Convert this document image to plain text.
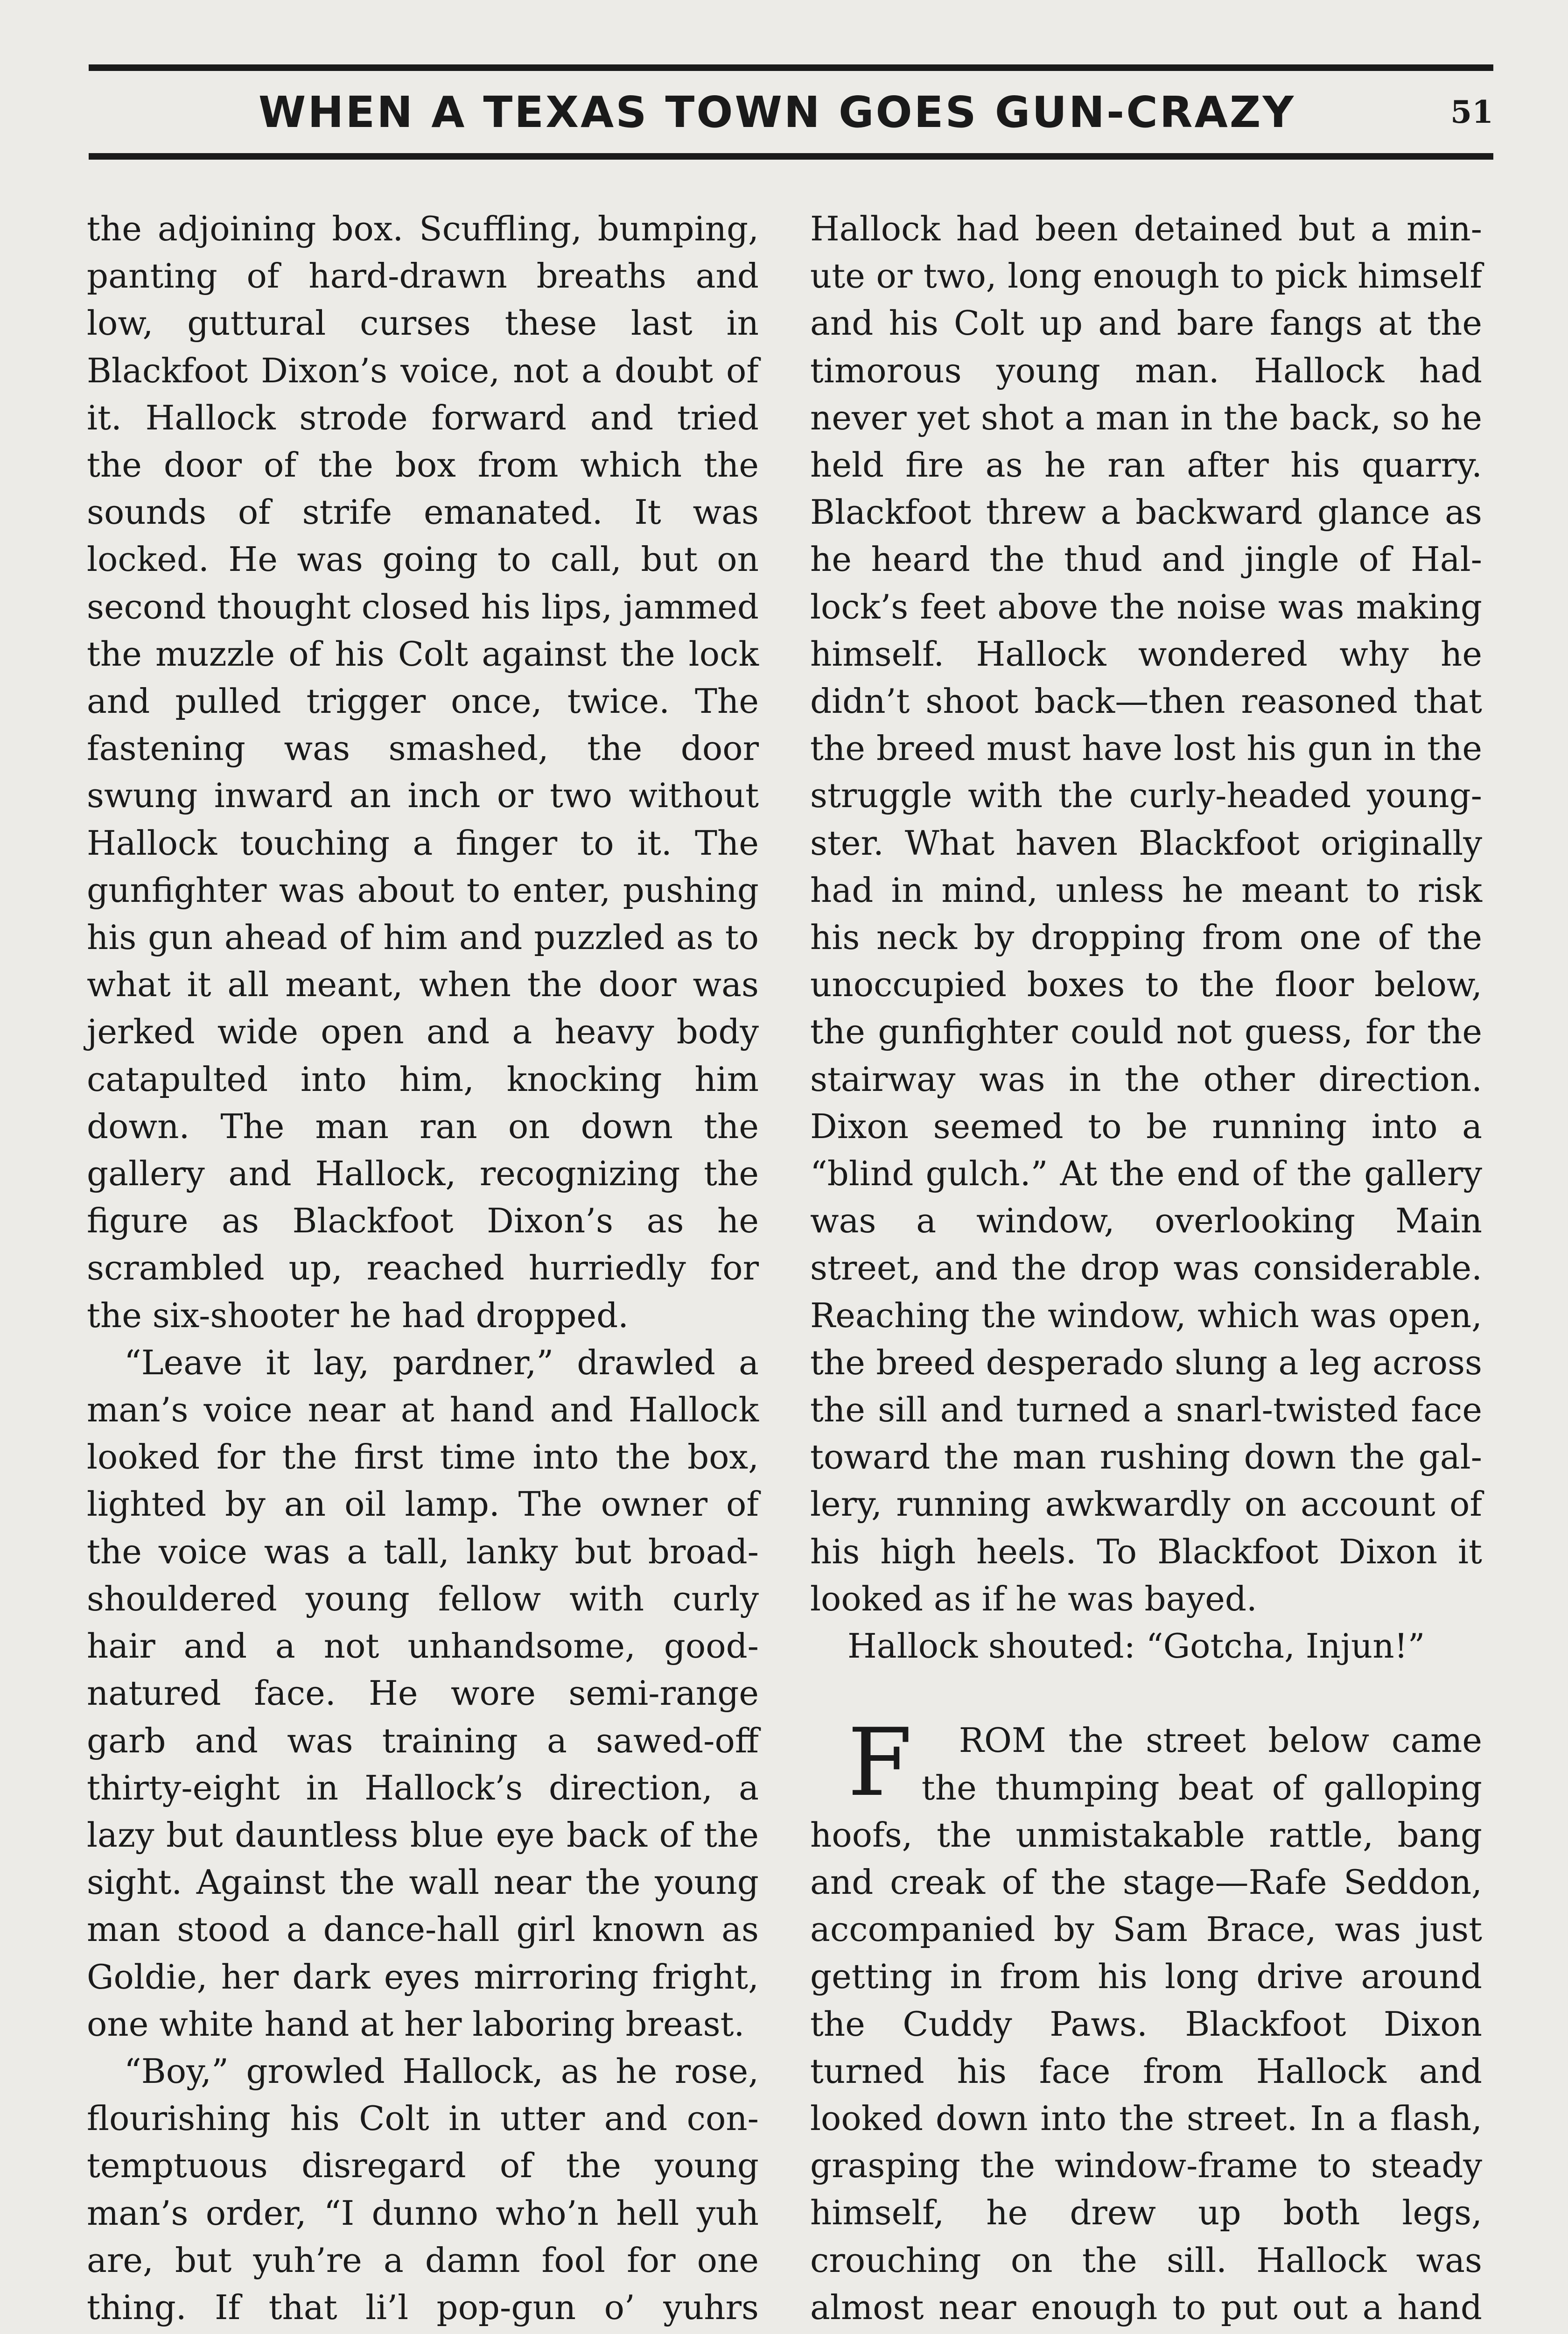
WHEN A TEXAS TOWN GOES GUN-CRAZY	51

the adjoining box. Scuffling, bumping, panting of hard-drawn breaths and low, guttural curses these last in Blackfoot Dixon’s voice, not a doubt of it. Hallock strode forward and tried the door of the box from which the sounds of strife emanated. It was locked. He was going to call, but on second thought closed his lips, jammed the muzzle of his Colt against the lock and pulled trigger once, twice. The fastening was smashed, the door swung inward an inch or two without Hallock touching a finger to it. The gunfighter was about to enter, pushing his gun ahead of him and puzzled as to what it all meant, when the door was jerked wide open and a heavy body catapulted into him, knocking him down. The man ran on down the gallery and Hallock, recognizing the figure as Blackfoot Dixon’s as he scrambled up, reached hurriedly for the six-shooter he had dropped.

“Leave it lay, pardner,” drawled a man’s voice near at hand and Hallock looked for the first time into the box, lighted by an oil lamp. The owner of the voice was a tall, lanky but broad-shouldered young fellow with curly hair and a not unhandsome, good-natured face. He wore semi-range garb and was training a sawed-off thirty-eight in Hallock’s direction, a lazy but dauntless blue eye back of the sight. Against the wall near the young man stood a dance-hall girl known as Goldie, her dark eyes mirroring fright, one white hand at her laboring breast.

“Boy,” growled Hallock, as he rose, flourishing his Colt in utter and contemptuous disregard of the young man’s order, “I dunno who’n hell yuh are, but yuh’re a damn fool for one thing. If that li’l pop-gun o’ yuhrs

Hallock had been detained but a minute or two, long enough to pick himself and his Colt up and bare fangs at the timorous young man. Hallock had never yet shot a man in the back, so he held fire as he ran after his quarry. Blackfoot threw a backward glance as he heard the thud and jingle of Hallock’s feet above the noise was making himself. Hallock wondered why he didn’t shoot back—then reasoned that the breed must have lost his gun in the struggle with the curly-headed youngster. What haven Blackfoot originally had in mind, unless he meant to risk his neck by dropping from one of the unoccupied boxes to the floor below, the gunfighter could not guess, for the stairway was in the other direction. Dixon seemed to be running into a “blind gulch.” At the end of the gallery was a window, overlooking Main street, and the drop was considerable. Reaching the window, which was open, the breed desperado slung a leg across the sill and turned a snarl-twisted face toward the man rushing down the gallery, running awkwardly on account of his high heels. To Blackfoot Dixon it looked as if he was bayed.

Hallock shouted: “Gotcha, Injun!”

F ROM the street below came the thumping beat of galloping hoofs, the unmistakable rattle, bang and creak of the stage—Rafe Seddon, accompanied by Sam Brace, was just getting in from his long drive around the Cuddy Paws. Blackfoot Dixon turned his face from Hallock and looked down into the street. In a flash, grasping the window-frame to steady himself, he drew up both legs, crouching on the sill. Hallock was almost near enough to put out a hand
